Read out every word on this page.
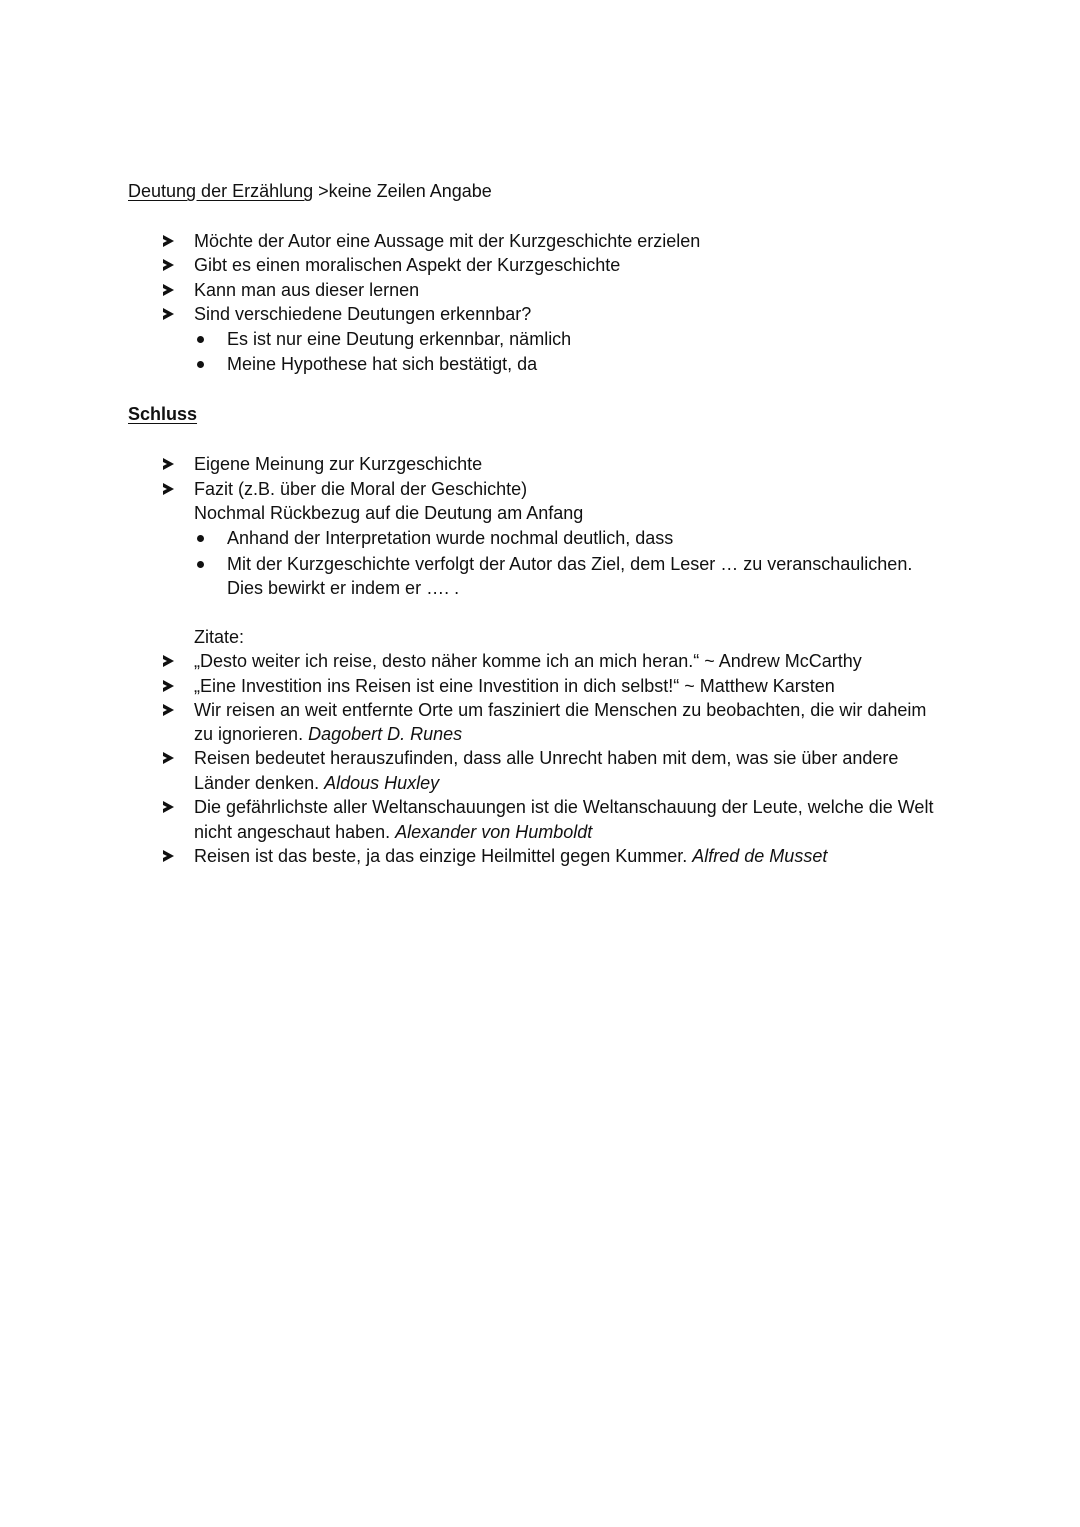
Deutung der Erzählung >keine Zeilen Angabe
Möchte der Autor eine Aussage mit der Kurzgeschichte erzielen
Gibt es einen moralischen Aspekt der Kurzgeschichte
Kann man aus dieser lernen
Sind verschiedene Deutungen erkennbar?
Es ist nur eine Deutung erkennbar, nämlich
Meine Hypothese hat sich bestätigt, da
Schluss
Eigene Meinung zur Kurzgeschichte
Fazit (z.B. über die Moral der Geschichte)
Nochmal Rückbezug auf die Deutung am Anfang
Anhand der Interpretation wurde nochmal deutlich, dass
Mit der Kurzgeschichte verfolgt der Autor das Ziel, dem Leser … zu veranschaulichen.
Dies bewirkt er indem er …. .
Zitate:
„Desto weiter ich reise, desto näher komme ich an mich heran.“ ~ Andrew McCarthy
„Eine Investition ins Reisen ist eine Investition in dich selbst!“ ~ Matthew Karsten
Wir reisen an weit entfernte Orte um fasziniert die Menschen zu beobachten, die wir daheim
zu ignorieren. Dagobert D. Runes
Reisen bedeutet herauszufinden, dass alle Unrecht haben mit dem, was sie über andere
Länder denken. Aldous Huxley
Die gefährlichste aller Weltanschauungen ist die Weltanschauung der Leute, welche die Welt
nicht angeschaut haben. Alexander von Humboldt
Reisen ist das beste, ja das einzige Heilmittel gegen Kummer. Alfred de Musset
